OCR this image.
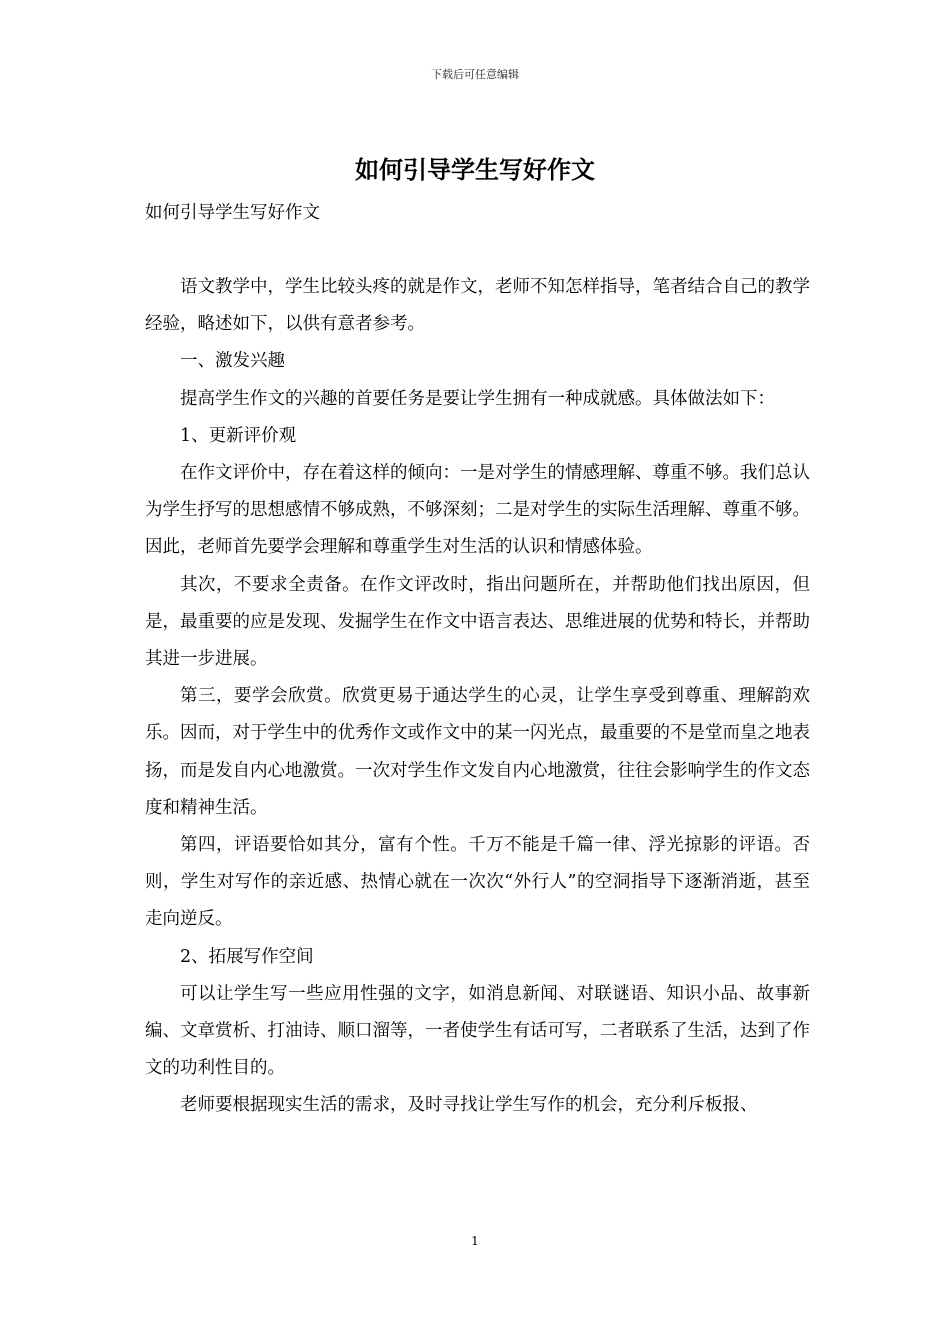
下载后可任意编辑
如何引导学生写好作文
如何引导学生写好作文

语文教学中，学生比较头疼的就是作文，老师不知怎样指导，笔者结合自己的教学经验，略述如下，以供有意者参考。

一、激发兴趣

提高学生作文的兴趣的首要任务是要让学生拥有一种成就感。具体做法如下：

1、更新评价观

在作文评价中，存在着这样的倾向：一是对学生的情感理解、尊重不够。我们总认为学生抒写的思想感情不够成熟，不够深刻；二是对学生的实际生活理解、尊重不够。因此，老师首先要学会理解和尊重学生对生活的认识和情感体验。

其次，不要求全责备。在作文评改时，指出问题所在，并帮助他们找出原因，但是，最重要的应是发现、发掘学生在作文中语言表达、思维进展的优势和特长，并帮助其进一步进展。

第三，要学会欣赏。欣赏更易于通达学生的心灵，让学生享受到尊重、理解韵欢乐。因而，对于学生中的优秀作文或作文中的某一闪光点，最重要的不是堂而皇之地表扬，而是发自内心地激赏。一次对学生作文发自内心地激赏，往往会影响学生的作文态度和精神生活。

第四，评语要恰如其分，富有个性。千万不能是千篇一律、浮光掠影的评语。否则，学生对写作的亲近感、热情心就在一次次“外行人”的空洞指导下逐渐消逝，甚至走向逆反。

2、拓展写作空间

可以让学生写一些应用性强的文字，如消息新闻、对联谜语、知识小品、故事新编、文章赏析、打油诗、顺口溜等，一者使学生有话可写，二者联系了生活，达到了作文的功利性目的。

老师要根据现实生活的需求，及时寻找让学生写作的机会，充分利斥板报、

1
